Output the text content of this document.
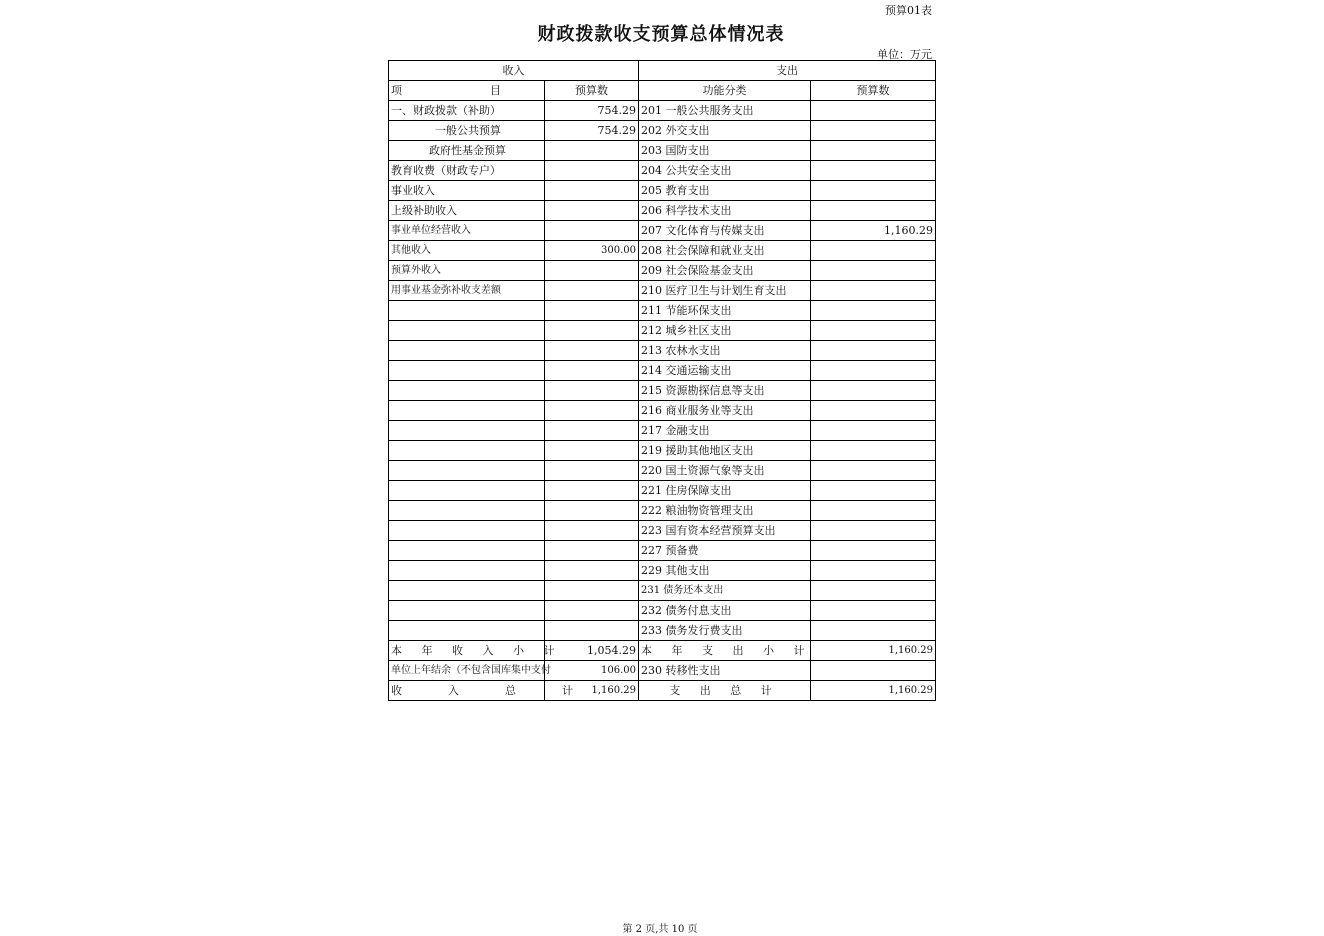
预算01表
财政拨款收支预算总体情况表
单位：万元
收入		支出	
项　　　　　　　　目	预算数	功能分类	预算数
一、财政拨款（补助）	754.29	201 一般公共服务支出	
一般公共预算	754.29	202 外交支出	
政府性基金预算		203 国防支出	
教育收费（财政专户）		204 公共安全支出	
事业收入		205 教育支出	
上级补助收入		206 科学技术支出	
事业单位经营收入		207 文化体育与传媒支出	1,160.29
其他收入	300.00	208 社会保障和就业支出	
预算外收入		209 社会保险基金支出	
用事业基金弥补收支差额		210 医疗卫生与计划生育支出	
		211 节能环保支出	
		212 城乡社区支出	
		213 农林水支出	
		214 交通运输支出	
		215 资源勘探信息等支出	
		216 商业服务业等支出	
		217 金融支出	
		219 援助其他地区支出	
		220 国土资源气象等支出	
		221 住房保障支出	
		222 粮油物资管理支出	
		223 国有资本经营预算支出	
		227 预备费	
		229 其他支出	
		231 债务还本支出	
		232 债务付息支出	
		233 债务发行费支出	
本 年 收 入 小 计	1,054.29	本 年 支 出 小 计	1,160.29
单位上年结余（不包含国库集中支付	106.00	230 转移性支出	
收　　入　　总　　计	1,160.29	支 出 总 计	1,160.29
第 2 页,共 10 页
